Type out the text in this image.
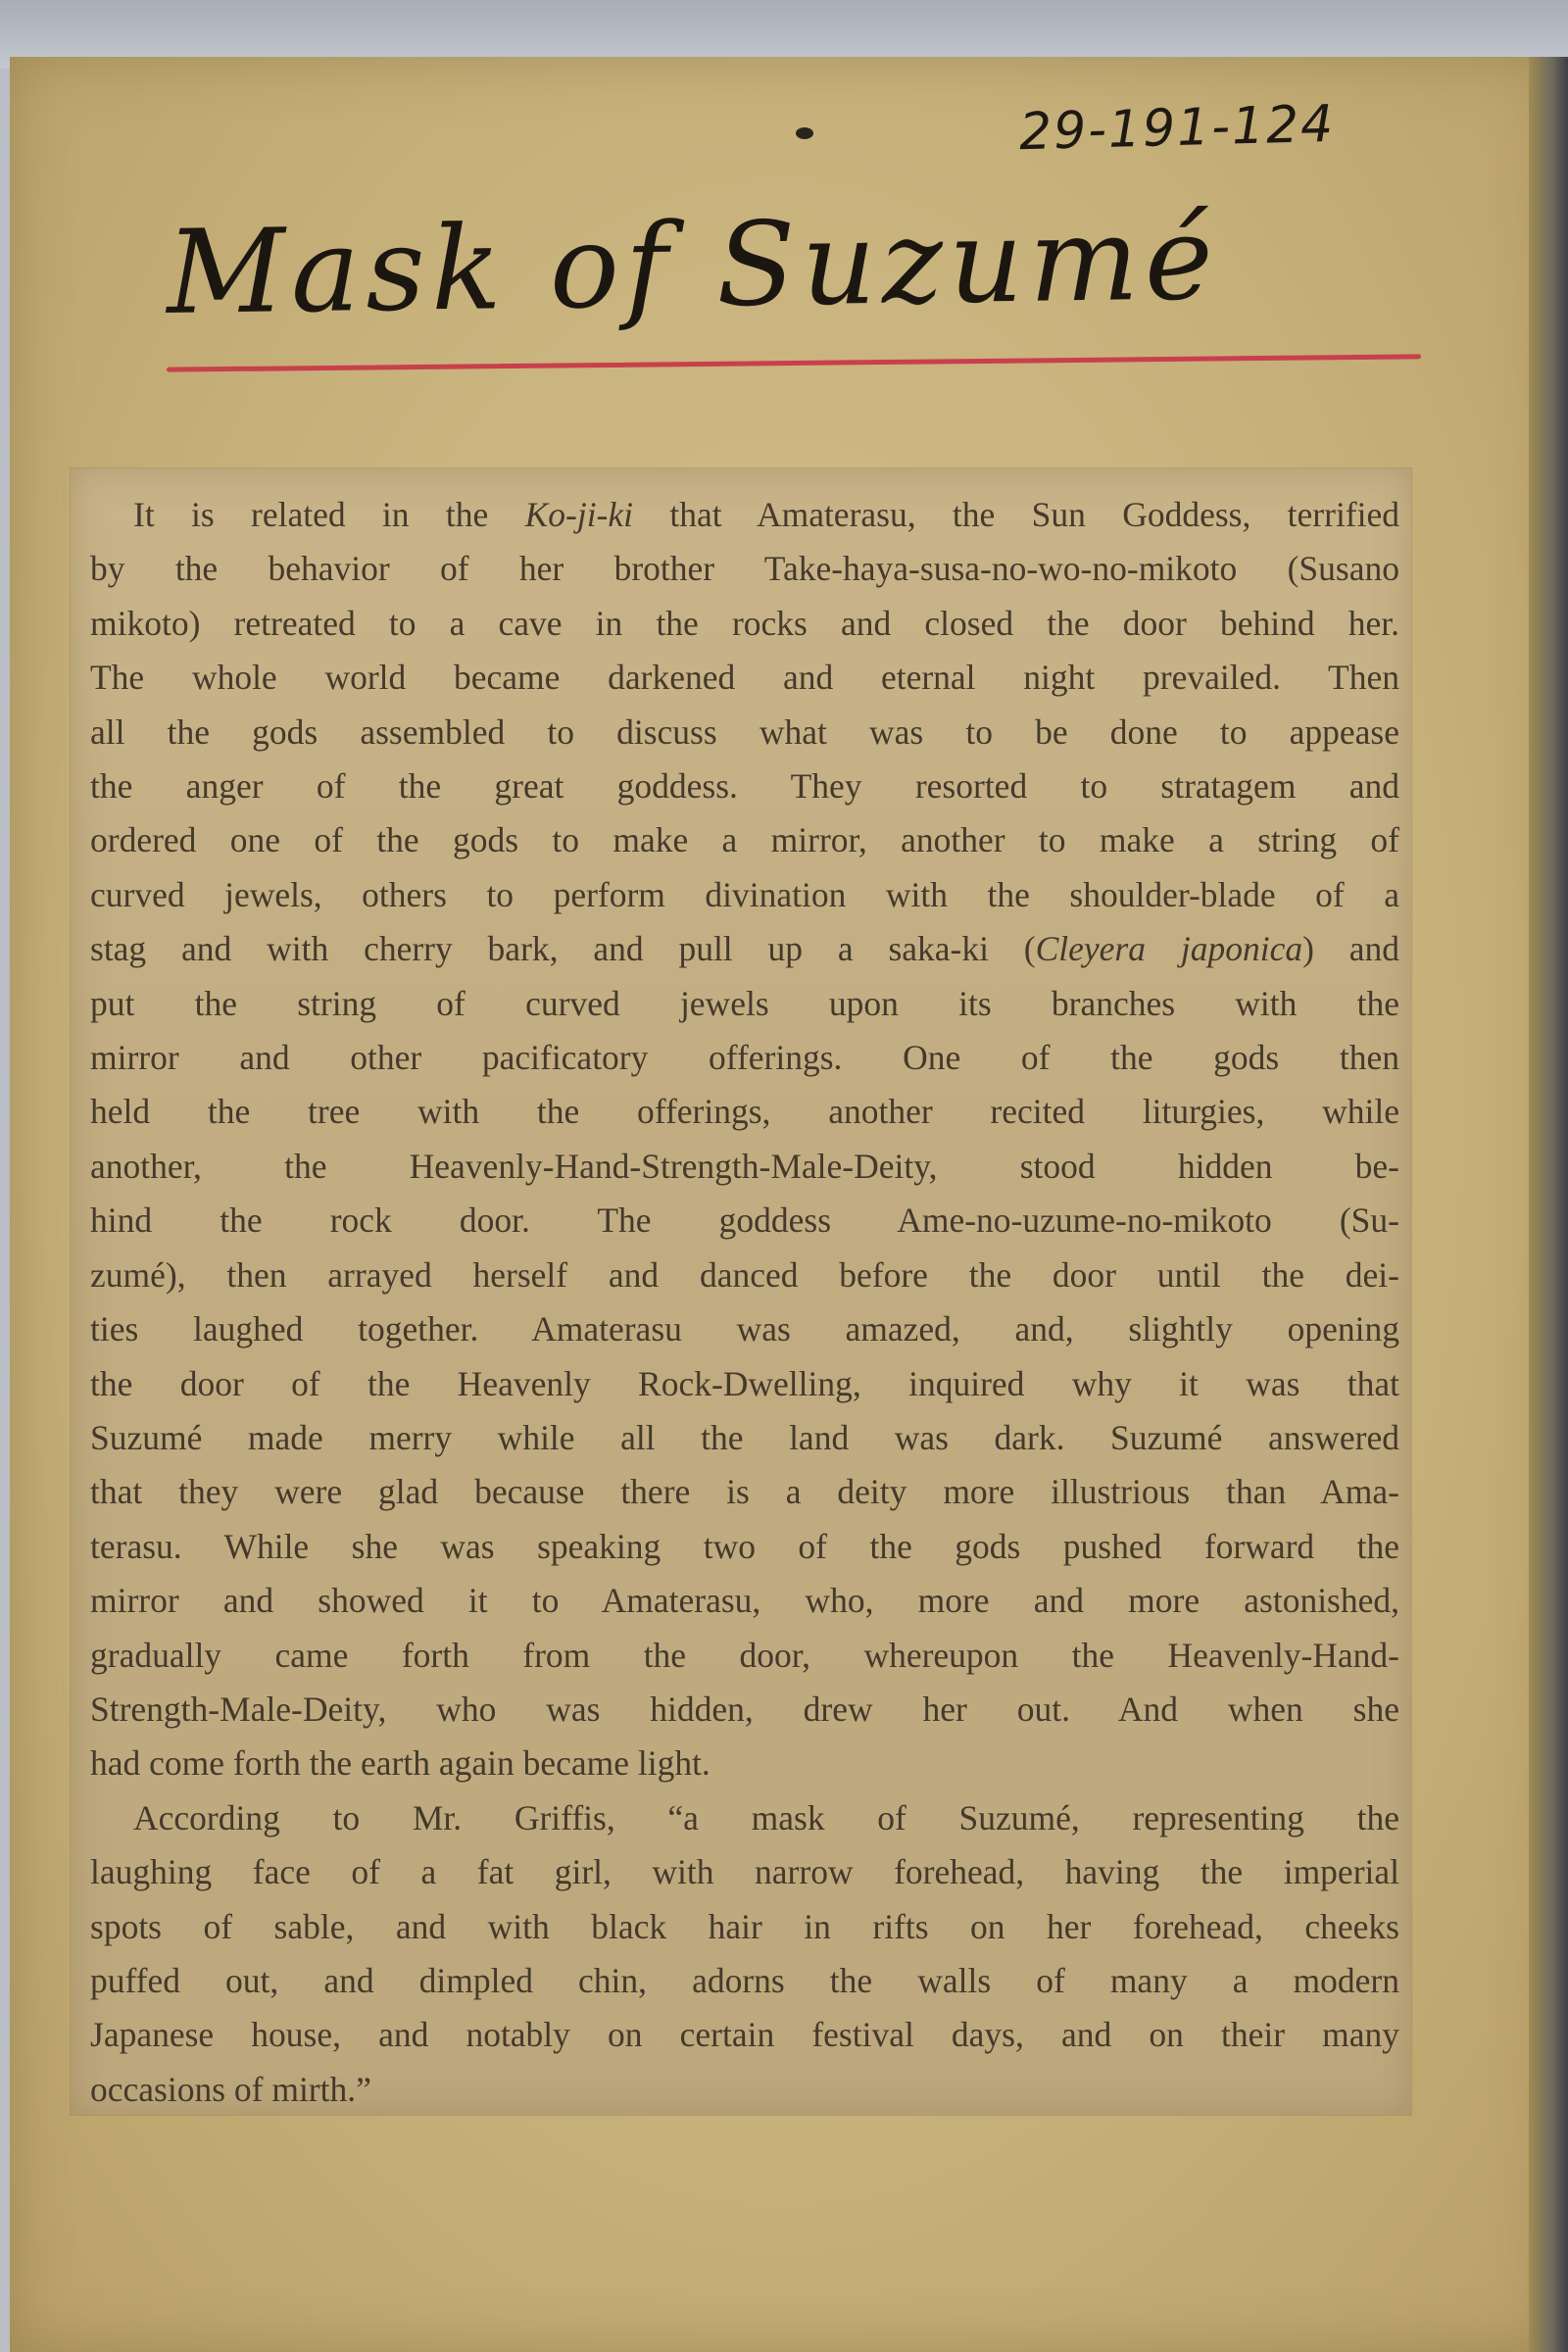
29-191-124
Mask of Suzumé
It is related in the Ko-ji-ki that Amaterasu, the Sun Goddess, terrified
by the behavior of her brother Take-haya-susa-no-wo-no-mikoto (Susano
mikoto) retreated to a cave in the rocks and closed the door behind her.
The whole world became darkened and eternal night prevailed. Then
all the gods assembled to discuss what was to be done to appease
the anger of the great goddess. They resorted to stratagem and
ordered one of the gods to make a mirror, another to make a string of
curved jewels, others to perform divination with the shoulder-blade of a
stag and with cherry bark, and pull up a saka-ki (Cleyera japonica) and
put the string of curved jewels upon its branches with the
mirror and other pacificatory offerings. One of the gods then
held the tree with the offerings, another recited liturgies, while
another, the Heavenly-Hand-Strength-Male-Deity, stood hidden be-
hind the rock door. The goddess Ame-no-uzume-no-mikoto (Su-
zumé), then arrayed herself and danced before the door until the dei-
ties laughed together. Amaterasu was amazed, and, slightly opening
the door of the Heavenly Rock-Dwelling, inquired why it was that
Suzumé made merry while all the land was dark. Suzumé answered
that they were glad because there is a deity more illustrious than Ama-
terasu. While she was speaking two of the gods pushed forward the
mirror and showed it to Amaterasu, who, more and more astonished,
gradually came forth from the door, whereupon the Heavenly-Hand-
Strength-Male-Deity, who was hidden, drew her out. And when she
had come forth the earth again became light.
According to Mr. Griffis, “a mask of Suzumé, representing the
laughing face of a fat girl, with narrow forehead, having the imperial
spots of sable, and with black hair in rifts on her forehead, cheeks
puffed out, and dimpled chin, adorns the walls of many a modern
Japanese house, and notably on certain festival days, and on their many
occasions of mirth.”
